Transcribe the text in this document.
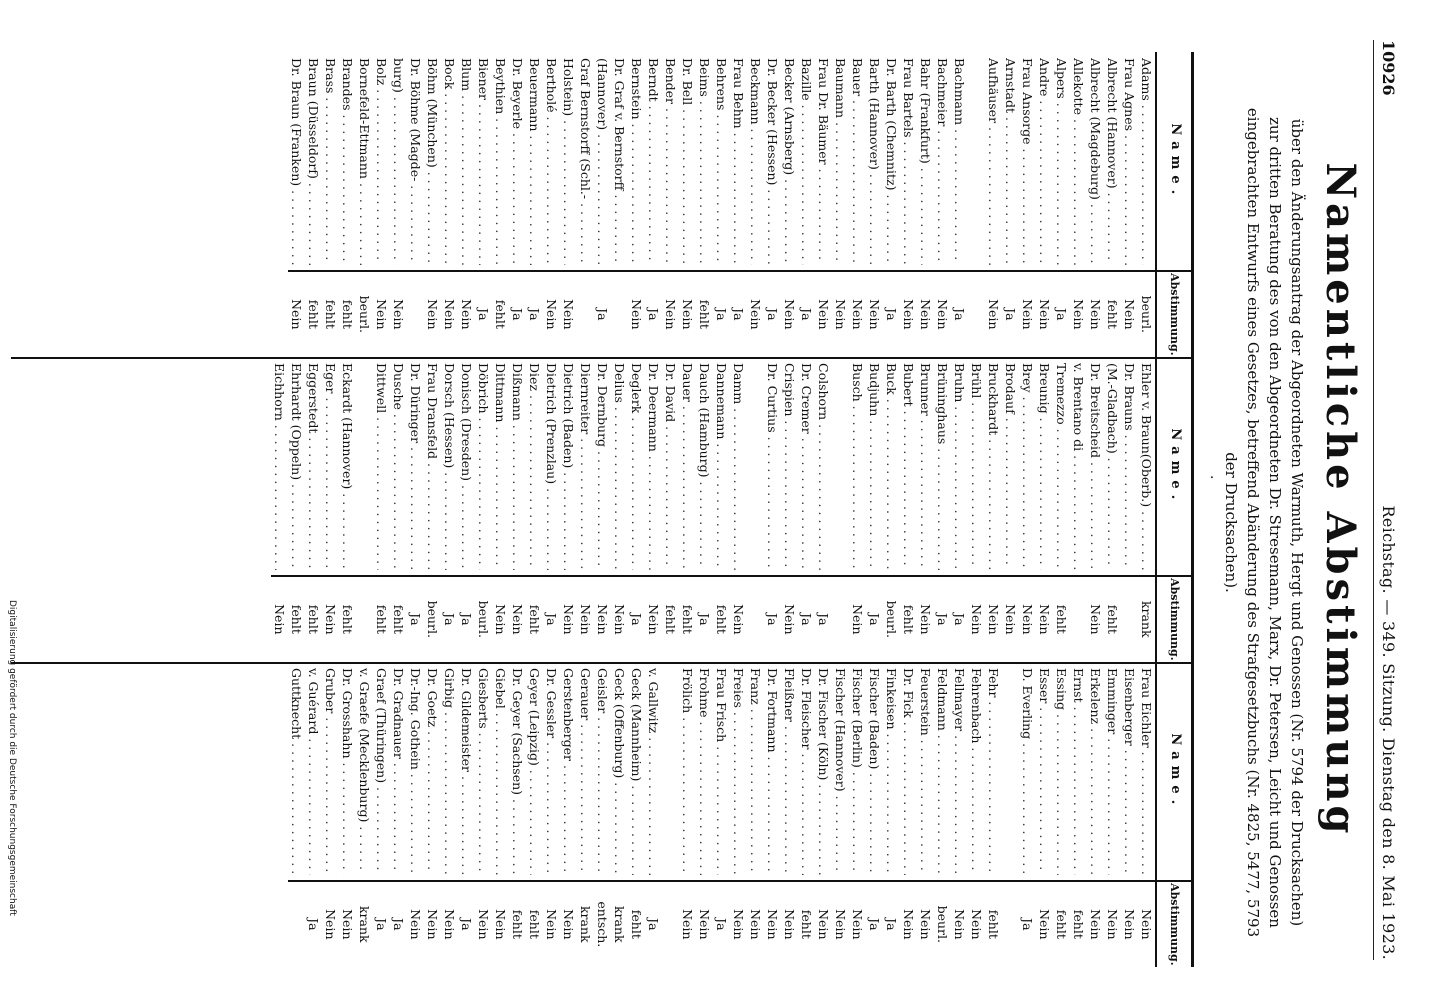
10926
Reichstag. — 349. Sitzung. Dienstag den 8. Mai 1923.
Namentliche Abstimmung
·	über den Änderungsantrag der Abgeordneten Warmuth, Hergt und Genossen (Nr. 5794 der Drucksachen) zur dritten Beratung des von den Abgeordneten Dr. Stresemann, Marx, Dr. Petersen, Leicht und Genossen eingebrachten Entwurfs eines Gesetzes, betreffend Abänderung des Strafgesetzbuchs (Nr. 4825, 5477, 5793 der Drucksachen).
Name.
Abstimmung.
Adams . . .
beurl.
Frau Agnes . . .
Nein
Albrecht (Hannover) . . .
fehlt
Albrecht (Magdeburg) . . .
Nein
Allekotte . . .
Nein
Alpers . . .
Ja
Andre . . .
Nein
Frau Ansorge . . .
Nein
Arnstadt . . .
Ja
Aufhäuser . . .
Nein

Bachmann . . .
Ja
Bachmeier . . .
Nein
Bahr (Frankfurt) . . .
Nein
Frau Bartels . . .
Nein
Dr. Barth (Chemnitz) . . .
Ja
Barth (Hannover) . . .
Nein
Bauer . . .
Nein
Baumann . . .
Nein
Frau Dr. Bäumer . . .
Nein
Bazille . . .
Ja
Becker (Arnsberg) . . .
Nein
Dr. Becker (Hessen) . . .
Ja
Beckmann . . .
Nein
Frau Behm . . .
Ja
Behrens . . .
Ja
Beims . . .
fehlt
Dr. Bell . . .
Nein
Bender . . .
Nein
Berndt . . .
Ja
Bernstein . . .
Nein
Dr. Graf v. Bernstorff . . .

(Hannover) . . .
Ja
Graf Bernstorff (Schl.- . . .

Holstein) . . .
Nein
Bertholé . . .
Nein
Beuermann . . .
Ja
Dr. Beyerle . . .
Ja
Beythien . . .
fehlt
Biener . . .
Ja
Blum . . .
Nein
Bock . . .
Nein
Böhm (München) . . .
Nein
Dr. Böhme (Magde- . . .

burg) . . .
Nein
Bolz . . .
Nein
Bornefeld-Ettmann . . .
beurl.
Brandes . . .
fehlt
Brass . . .
fehlt
Braun (Düsseldorf) . . .
fehlt
Dr. Braun (Franken) . . .
Nein
Name.
Abstimmung.
Ehler v. Braun(Oberb.) . . .
krank
Dr. Brauns . . .

(M.-Gladbach) . . .
fehlt
Dr. Breitscheid . . .
Nein
v. Brentano di . . .

Tremezzo . . .
fehlt
Breunig . . .
Nein
Brey . . .
Nein
Brodauf . . .
Nein
Bruckhardt . . .
Nein
Brühl . . .
Nein
Bruhn . . .
Ja
Brüninghaus . . .
Ja
Brunner . . .
Nein
Bubert . . .
fehlt
Buck . . .
beurl.
Budjuhn . . .
Ja
Busch . . .
Nein

Colshorn . . .
Ja
Dr. Cremer . . .
Ja
Crispien . . .
Nein
Dr. Curtius . . .
Ja

Damm . . .
Nein
Dannemann . . .
fehlt
Dauch (Hamburg) . . .
Ja
Dauer . . .
fehlt
Dr. David . . .
fehlt
Dr. Deermann . . .
Nein
Deglerk . . .
Ja
Delius . . .
Nein
Dr. Dernburg . . .
Nein
Diernreiter . . .
Nein
Dietrich (Baden) . . .
Nein
Dietrich (Prenzlau) . . .
Ja
Diez . . .
fehlt
Dißmann . . .
Nein
Dittmann . . .
Nein
Döbrich . . .
beurl.
Donisch (Dresden) . . .
Ja
Dorsch (Hessen) . . .
Ja
Frau Dransfeld . . .
beurl.
Dr. Düringer . . .
Ja
Dusche . . .
fehlt
Dittwell . . .
fehlt

Eckardt (Hannover) . . .
fehlt
Eger . . .
Nein
Eggerstedt . . .
fehlt
Ehrhardt (Oppeln) . . .
fehlt
Eichhorn . . .
Nein
Name.
Abstimmung.
Frau Eichler . . .
Nein
Eisenberger . . .
Nein
Emminger . . .
Nein
Erkelenz . . .
Nein
Ernst . . .
fehlt
Essing . . .
fehlt
Esser . . .
Nein
D. Everling . . .
Ja

Fehr . . .
fehlt
Fehrenbach . . .
Nein
Fellmayer . . .
Nein
Feldmann . . .
beurl.
Feuerstein . . .
Nein
Dr. Fick . . .
Nein
Finkeisen . . .
Ja
Fischer (Baden) . . .
Ja
Fischer (Berlin) . . .
Nein
Fischer (Hannover) . . .
Nein
Dr. Fischer (Köln) . . .
Nein
Dr. Fleischer . . .
fehlt
Fleißner . . .
Nein
Dr. Fortmann . . .
Nein
Franz . . .
Nein
Freies . . .
Nein
Frau Frisch . . .
Ja
Frohme . . .
Nein
Frölich . . .
Nein

v. Gallwitz . . .
Ja
Geck (Mannheim) . . .
fehlt
Geck (Offenburg) . . .
krank
Geisler . . .
entsch.
Gerauer . . .
krank
Gerstenberger . . .
Nein
Dr. Gessler . . .
Nein
Geyer (Leipzig) . . .
fehlt
Dr. Geyer (Sachsen) . . .
fehlt
Giebel . . .
Nein
Giesberts . . .
Nein
Dr. Gildemeister . . .
Ja
Girbig . . .
Nein
Dr. Goetz . . .
Nein
Dr.-Ing. Gothein . . .
Nein
Dr. Gradnauer . . .
Ja
Graef (Thüringen) . . .
Ja
v. Graefe (Mecklenburg) . . .
krank
Dr. Grosshahn . . .
Nein
Gruber . . .
Nein
v. Guérard . . .
Ja
Guttknecht . . .

Digitalisierung gefördert durch die Deutsche Forschungsgemeinschaft
